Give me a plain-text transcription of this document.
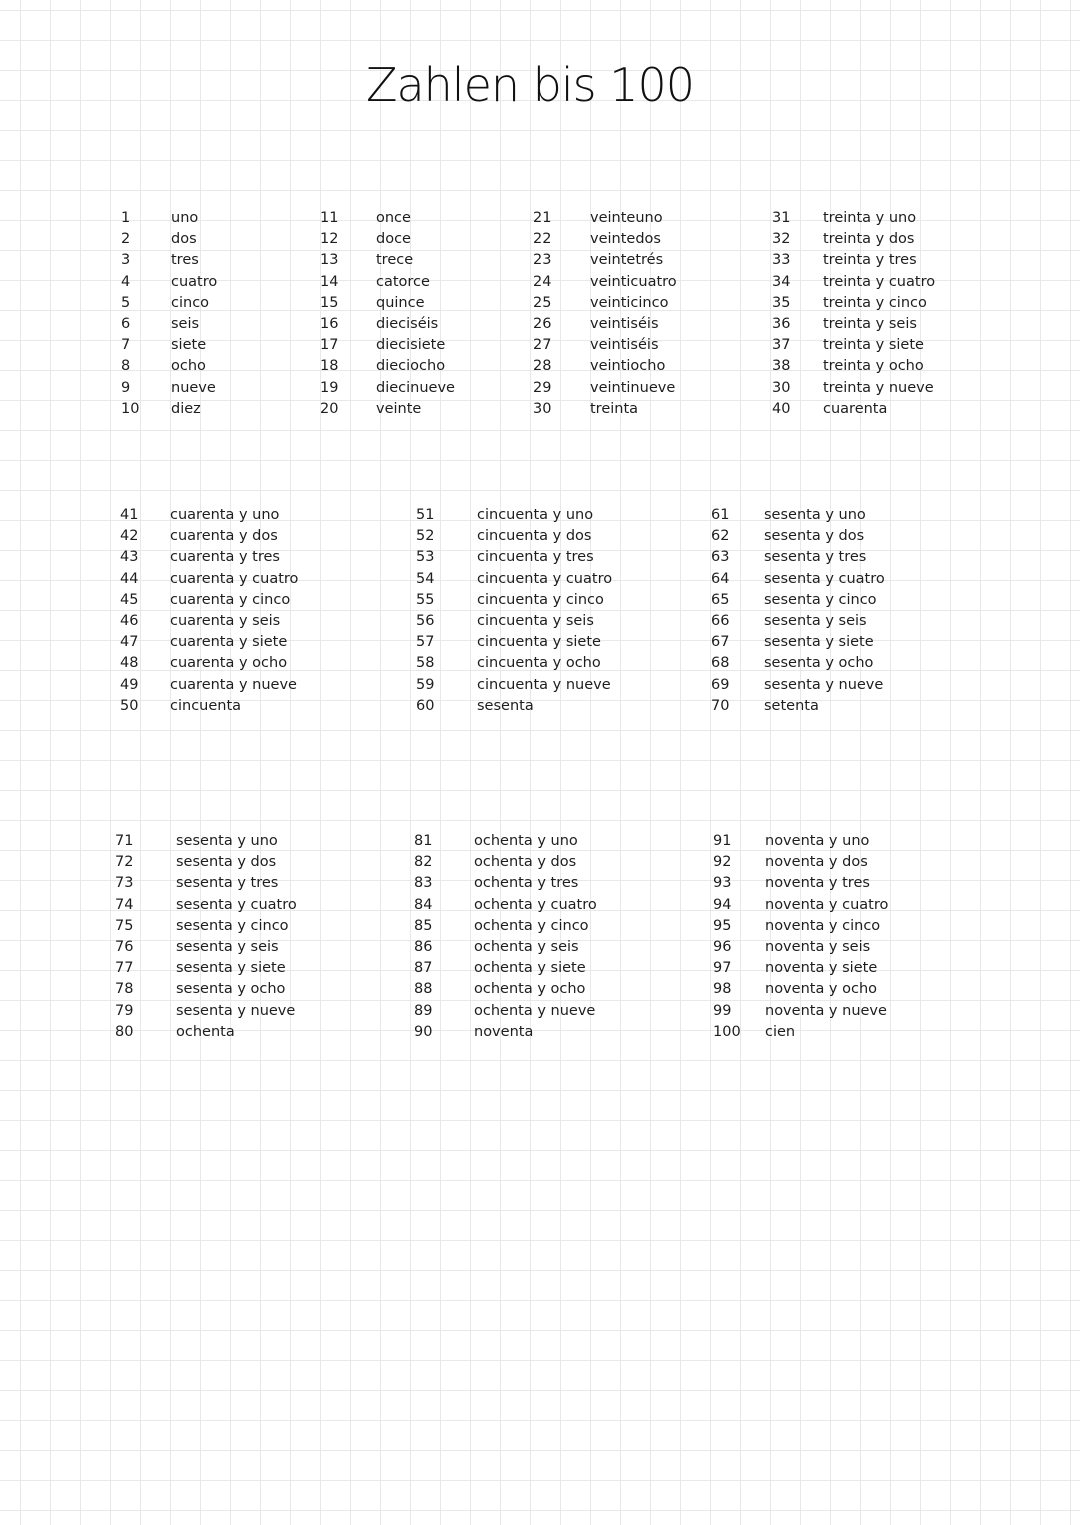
Zahlen bis 100
1	uno
2	dos
3	tres
4	cuatro
5	cinco
6	seis
7	siete
8	ocho
9	nueve
10 diez
11	once
12	doce
13	trece
14	catorce
15	quince
16	dieciséis
17	diecisiete
18	dieciocho
19	diecinueve
20	veinte
21	veinteuno
22	veintedos
23	veintetrés
24	veinticuatro
25	veinticinco
26	veintiséis
27	veintiséis
28	veintiocho
29	veintinueve
30	treinta
31 treinta y uno
32 treinta y dos
33 treinta y tres
34 treinta y cuatro
35 treinta y cinco
36 treinta y seis
37 treinta y siete
38 treinta y ocho
30 treinta y nueve
40 cuarenta
41 cuarenta y uno
42 cuarenta y dos
43 cuarenta y tres
44 cuarenta y cuatro
45 cuarenta y cinco
46 cuarenta y seis
47 cuarenta y siete
48 cuarenta y ocho
49 cuarenta y nueve
50 cincuenta
51	cincuenta y uno
52	cincuenta y dos
53	cincuenta y tres
54	cincuenta y cuatro
55	cincuenta y cinco
56	cincuenta y seis
57	cincuenta y siete
58	cincuenta y ocho
59	cincuenta y nueve
60	sesenta
61 sesenta y uno
62 sesenta y dos
63 sesenta y tres
64 sesenta y cuatro
65 sesenta y cinco
66 sesenta y seis
67 sesenta y siete
68 sesenta y ocho
69 sesenta y nueve
70 setenta
71	sesenta y uno
72	sesenta y dos
73	sesenta y tres
74	sesenta y cuatro
75	sesenta y cinco
76	sesenta y seis
77	sesenta y siete
78	sesenta y ocho
79	sesenta y nueve
80	ochenta
81	ochenta y uno
82	ochenta y dos
83	ochenta y tres
84	ochenta y cuatro
85	ochenta y cinco
86	ochenta y seis
87	ochenta y siete
88	ochenta y ocho
89	ochenta y nueve
90	noventa
91 noventa y uno
92 noventa y dos
93 noventa y tres
94 noventa y cuatro
95 noventa y cinco
96 noventa y seis
97 noventa y siete
98 noventa y ocho
99 noventa y nueve
100 cien
